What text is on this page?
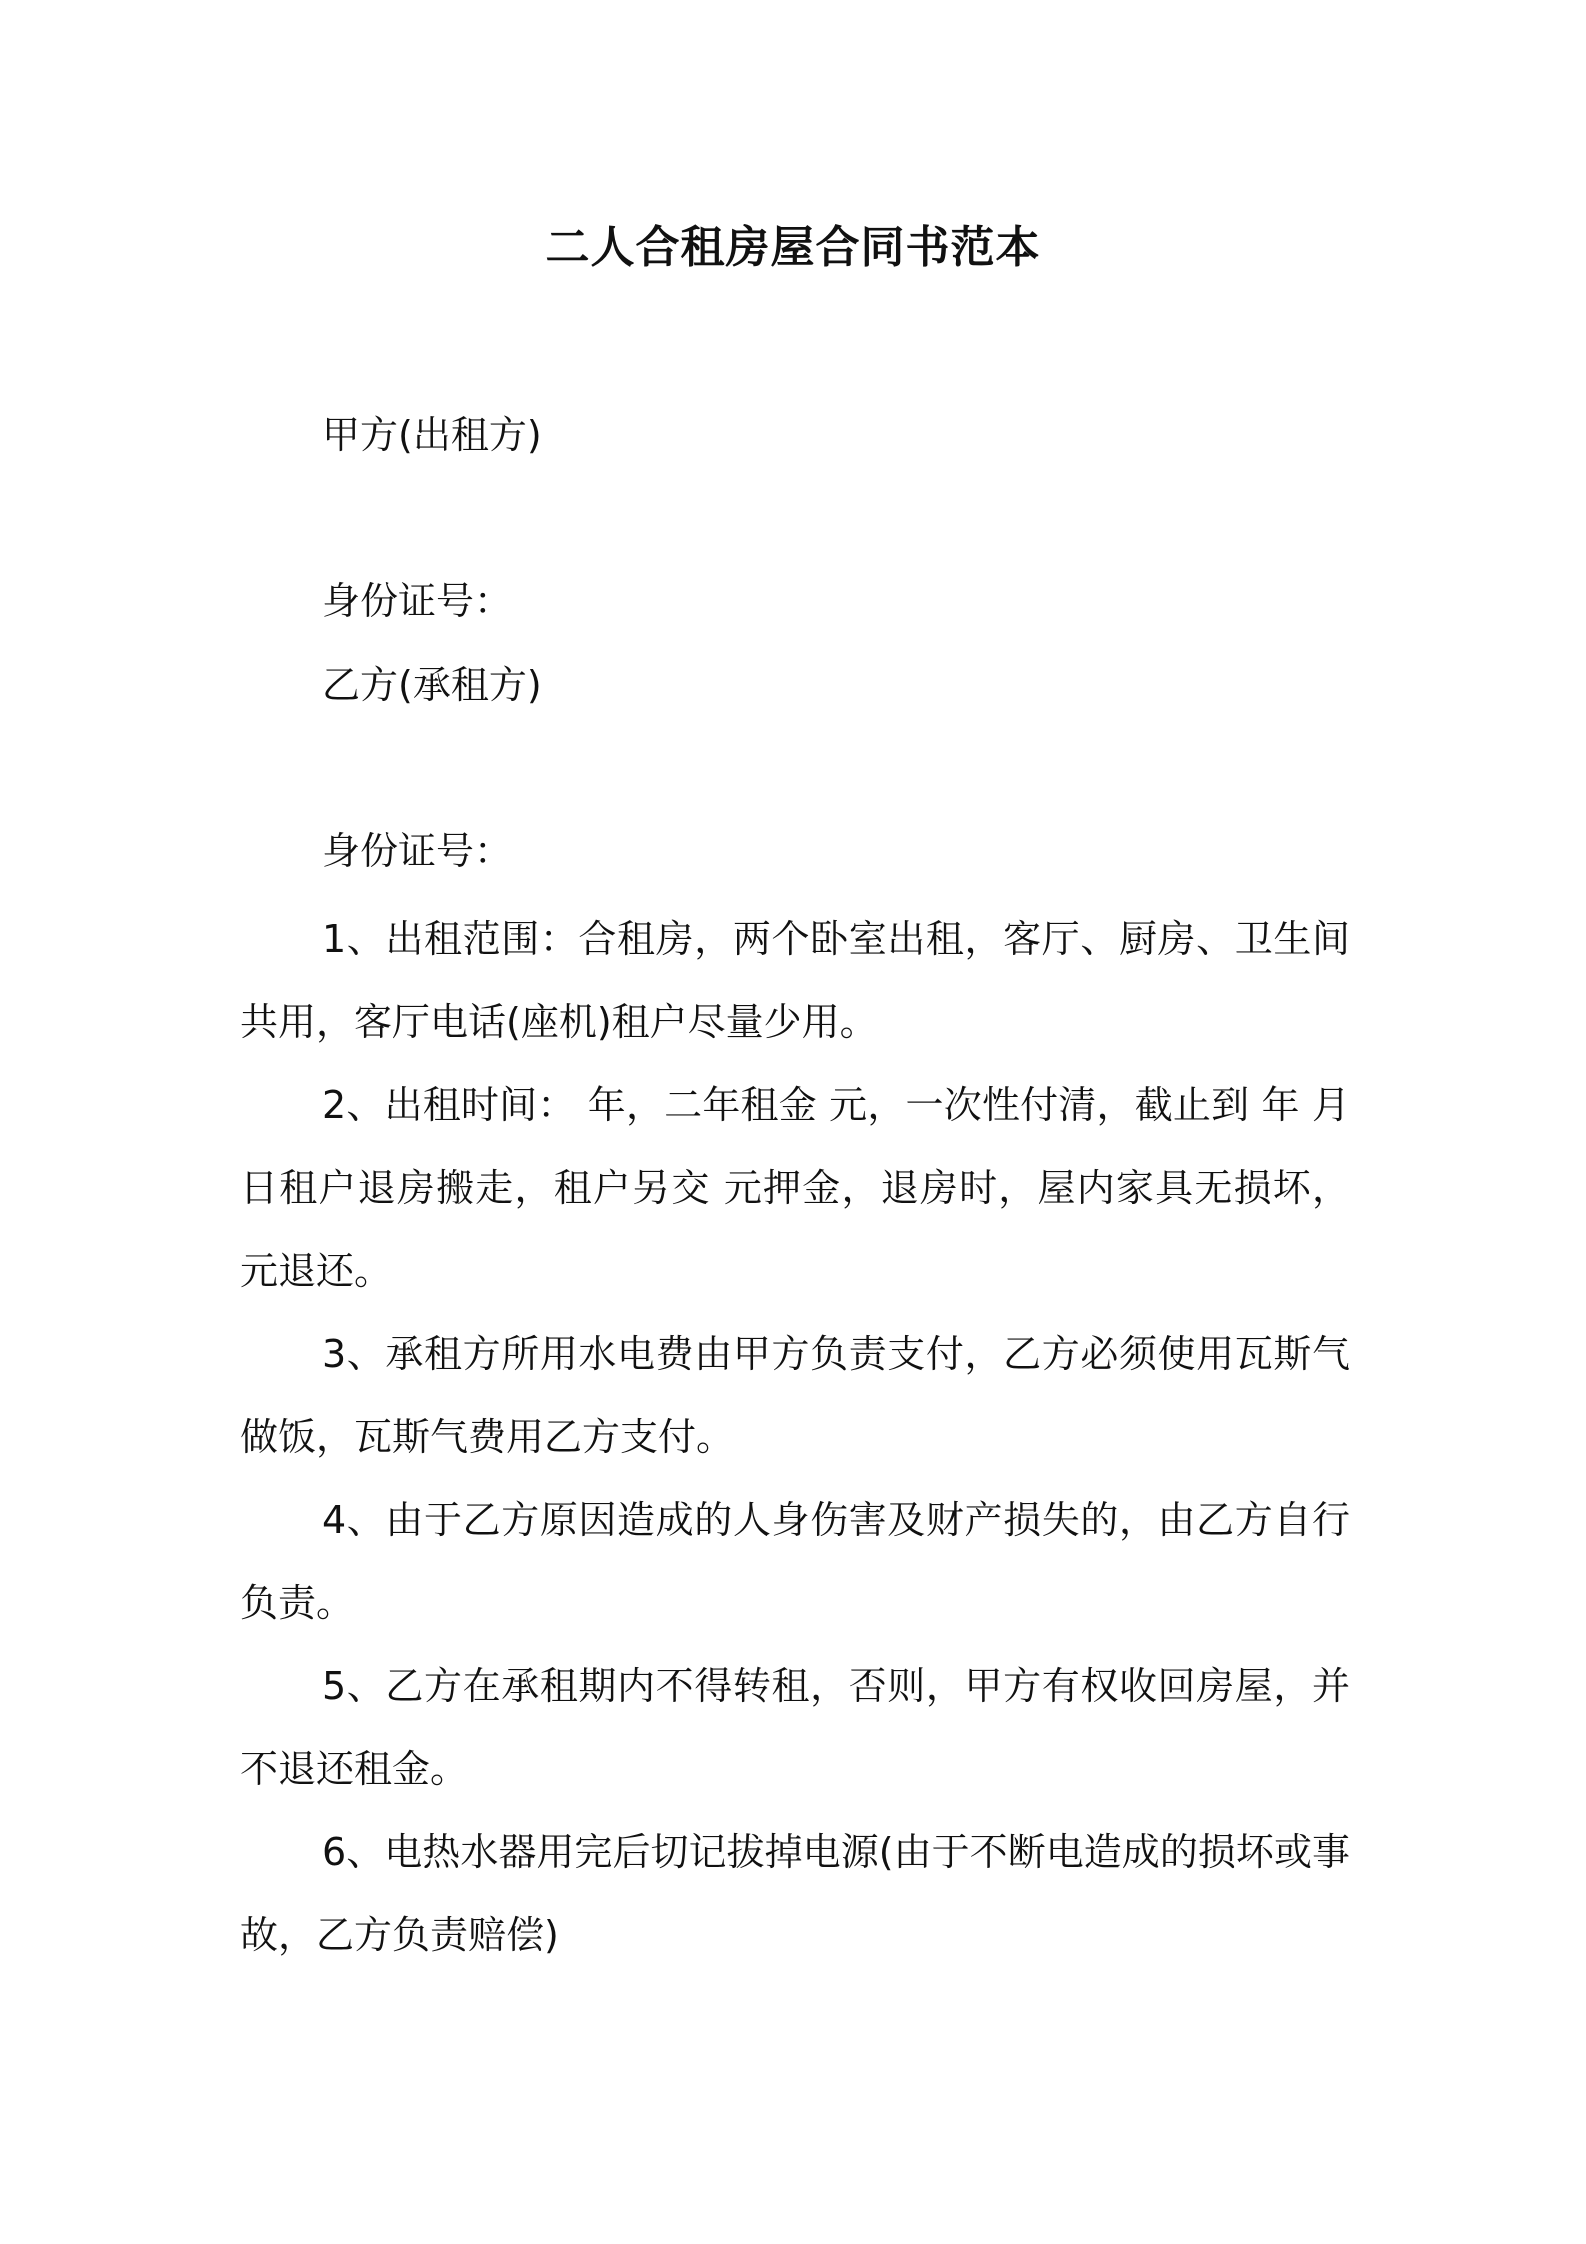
二人合租房屋合同书范本
甲方(出租方)
身份证号：
乙方(承租方)
身份证号：

1、出租范围：合租房，两个卧室出租，客厅、厨房、卫生间共用，客厅电话(座机)租户尽量少用。

2、出租时间： 年，二年租金 元，一次性付清，截止到 年 月 日租户退房搬走，租户另交 元押金，退房时，屋内家具无损坏， 元退还。

3、承租方所用水电费由甲方负责支付，乙方必须使用瓦斯气做饭，瓦斯气费用乙方支付。

4、由于乙方原因造成的人身伤害及财产损失的，由乙方自行负责。

5、乙方在承租期内不得转租，否则，甲方有权收回房屋，并不退还租金。

6、电热水器用完后切记拔掉电源(由于不断电造成的损坏或事故，乙方负责赔偿)
